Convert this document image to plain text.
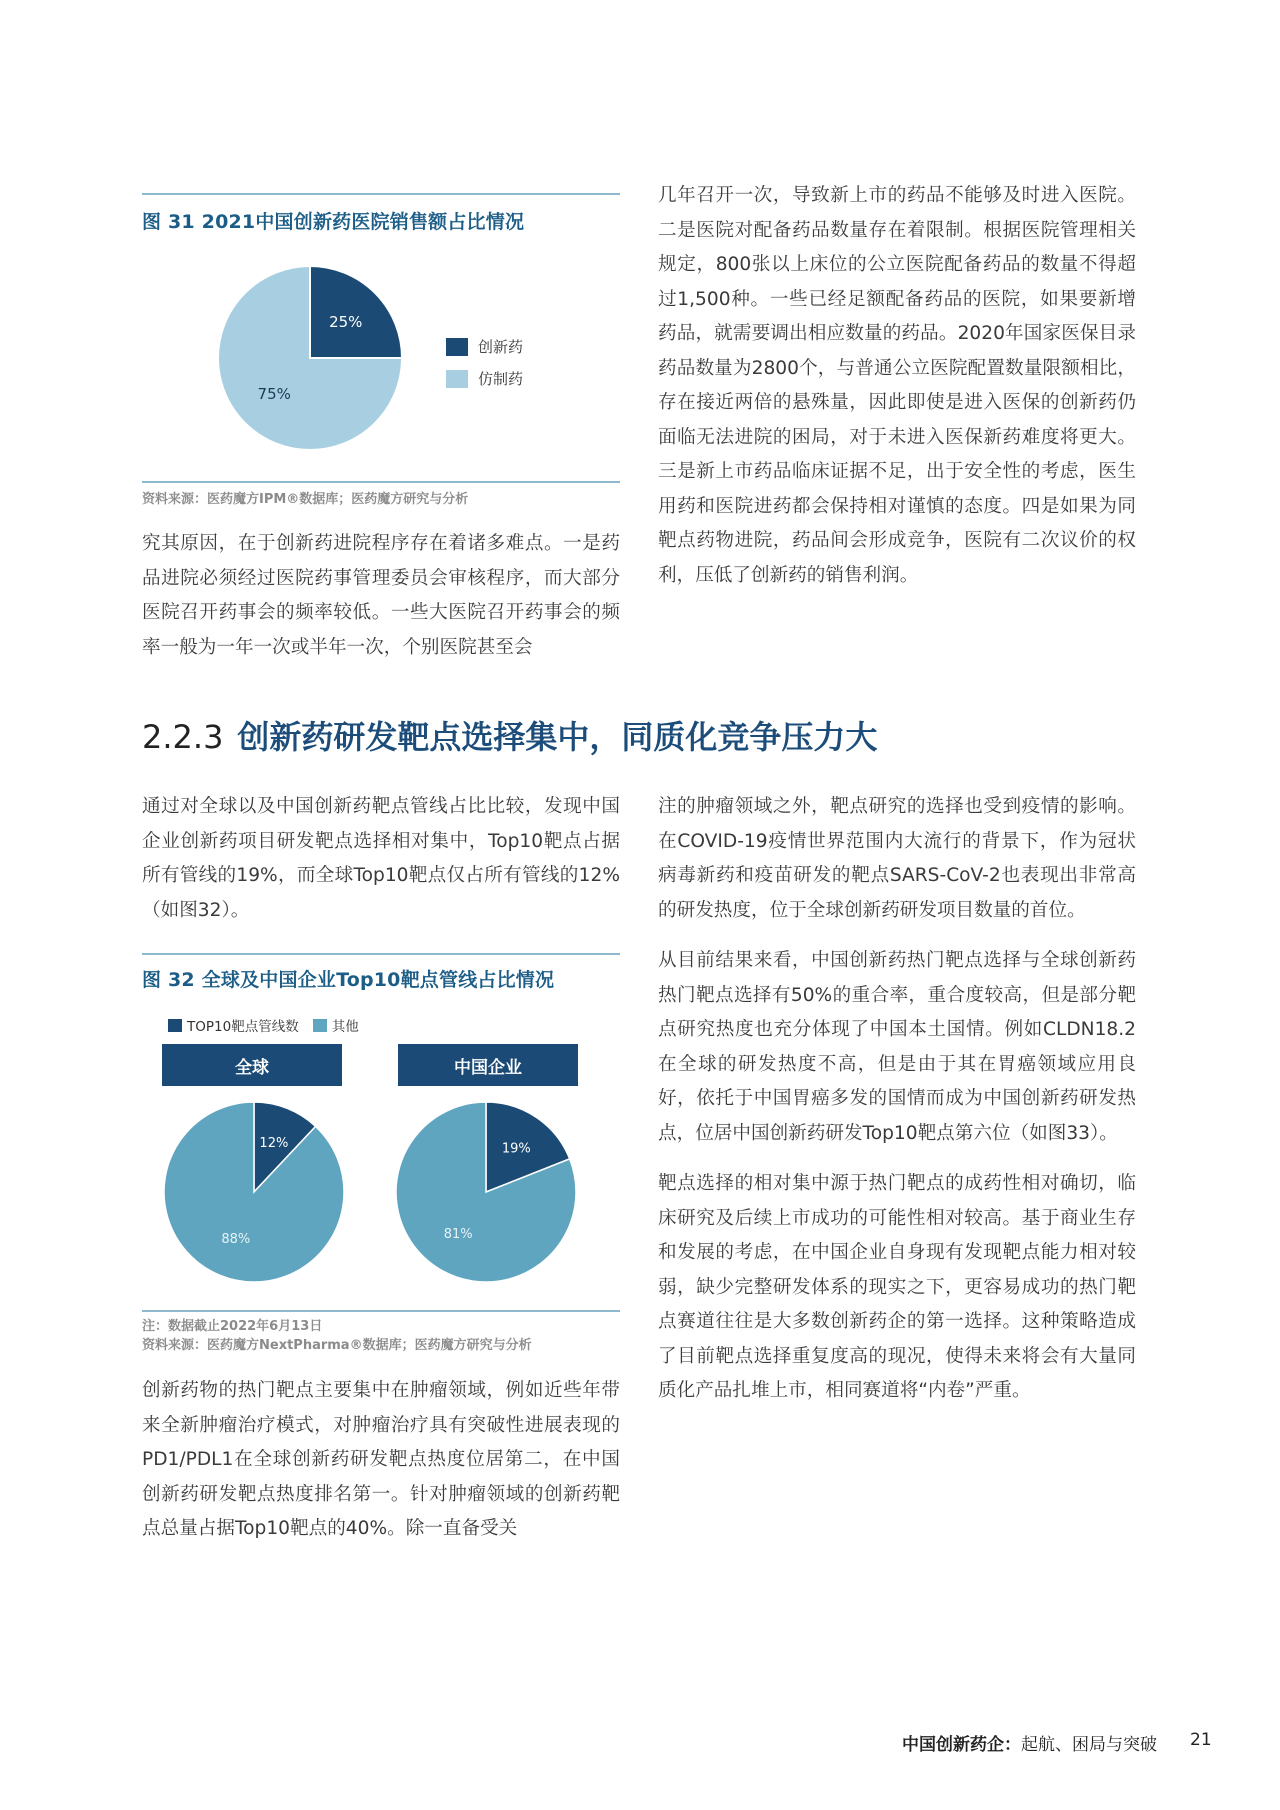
图 31 2021中国创新药医院销售额占比情况
25%
75%
创新药
仿制药
资料来源：医药魔方IPM®数据库；医药魔方研究与分析

究其原因，在于创新药进院程序存在着诸多难点。一是药品进院必须经过医院药事管理委员会审核程序，而大部分医院召开药事会的频率较低。一些大医院召开药事会的频率一般为一年一次或半年一次，个别医院甚至会

几年召开一次，导致新上市的药品不能够及时进入医院。二是医院对配备药品数量存在着限制。根据医院管理相关规定，800张以上床位的公立医院配备药品的数量不得超过1,500种。一些已经足额配备药品的医院，如果要新增药品，就需要调出相应数量的药品。2020年国家医保目录药品数量为2800个，与普通公立医院配置数量限额相比，存在接近两倍的悬殊量，因此即使是进入医保的创新药仍面临无法进院的困局，对于未进入医保新药难度将更大。三是新上市药品临床证据不足，出于安全性的考虑，医生用药和医院进药都会保持相对谨慎的态度。四是如果为同靶点药物进院，药品间会形成竞争，医院有二次议价的权利，压低了创新药的销售利润。

2.2.3 创新药研发靶点选择集中，同质化竞争压力大

通过对全球以及中国创新药靶点管线占比比较，发现中国企业创新药项目研发靶点选择相对集中，Top10靶点占据所有管线的19%，而全球Top10靶点仅占所有管线的12%（如图32）。

图 32 全球及中国企业Top10靶点管线占比情况
TOP10靶点管线数 其他
全球	中国企业
12%
88%
19%
81%
注：数据截止2022年6月13日
资料来源：医药魔方NextPharma®数据库；医药魔方研究与分析

创新药物的热门靶点主要集中在肿瘤领域，例如近些年带来全新肿瘤治疗模式，对肿瘤治疗具有突破性进展表现的PD1/PDL1在全球创新药研发靶点热度位居第二，在中国创新药研发靶点热度排名第一。针对肿瘤领域的创新药靶点总量占据Top10靶点的40%。除一直备受关

注的肿瘤领域之外，靶点研究的选择也受到疫情的影响。在COVID-19疫情世界范围内大流行的背景下，作为冠状病毒新药和疫苗研发的靶点SARS-CoV-2也表现出非常高的研发热度，位于全球创新药研发项目数量的首位。

从目前结果来看，中国创新药热门靶点选择与全球创新药热门靶点选择有50%的重合率，重合度较高，但是部分靶点研究热度也充分体现了中国本土国情。例如CLDN18.2在全球的研发热度不高，但是由于其在胃癌领域应用良好，依托于中国胃癌多发的国情而成为中国创新药研发热点，位居中国创新药研发Top10靶点第六位（如图33）。

靶点选择的相对集中源于热门靶点的成药性相对确切，临床研究及后续上市成功的可能性相对较高。基于商业生存和发展的考虑，在中国企业自身现有发现靶点能力相对较弱，缺少完整研发体系的现实之下，更容易成功的热门靶点赛道往往是大多数创新药企的第一选择。这种策略造成了目前靶点选择重复度高的现况，使得未来将会有大量同质化产品扎堆上市，相同赛道将“内卷”严重。

中国创新药企：起航、困局与突破 21
